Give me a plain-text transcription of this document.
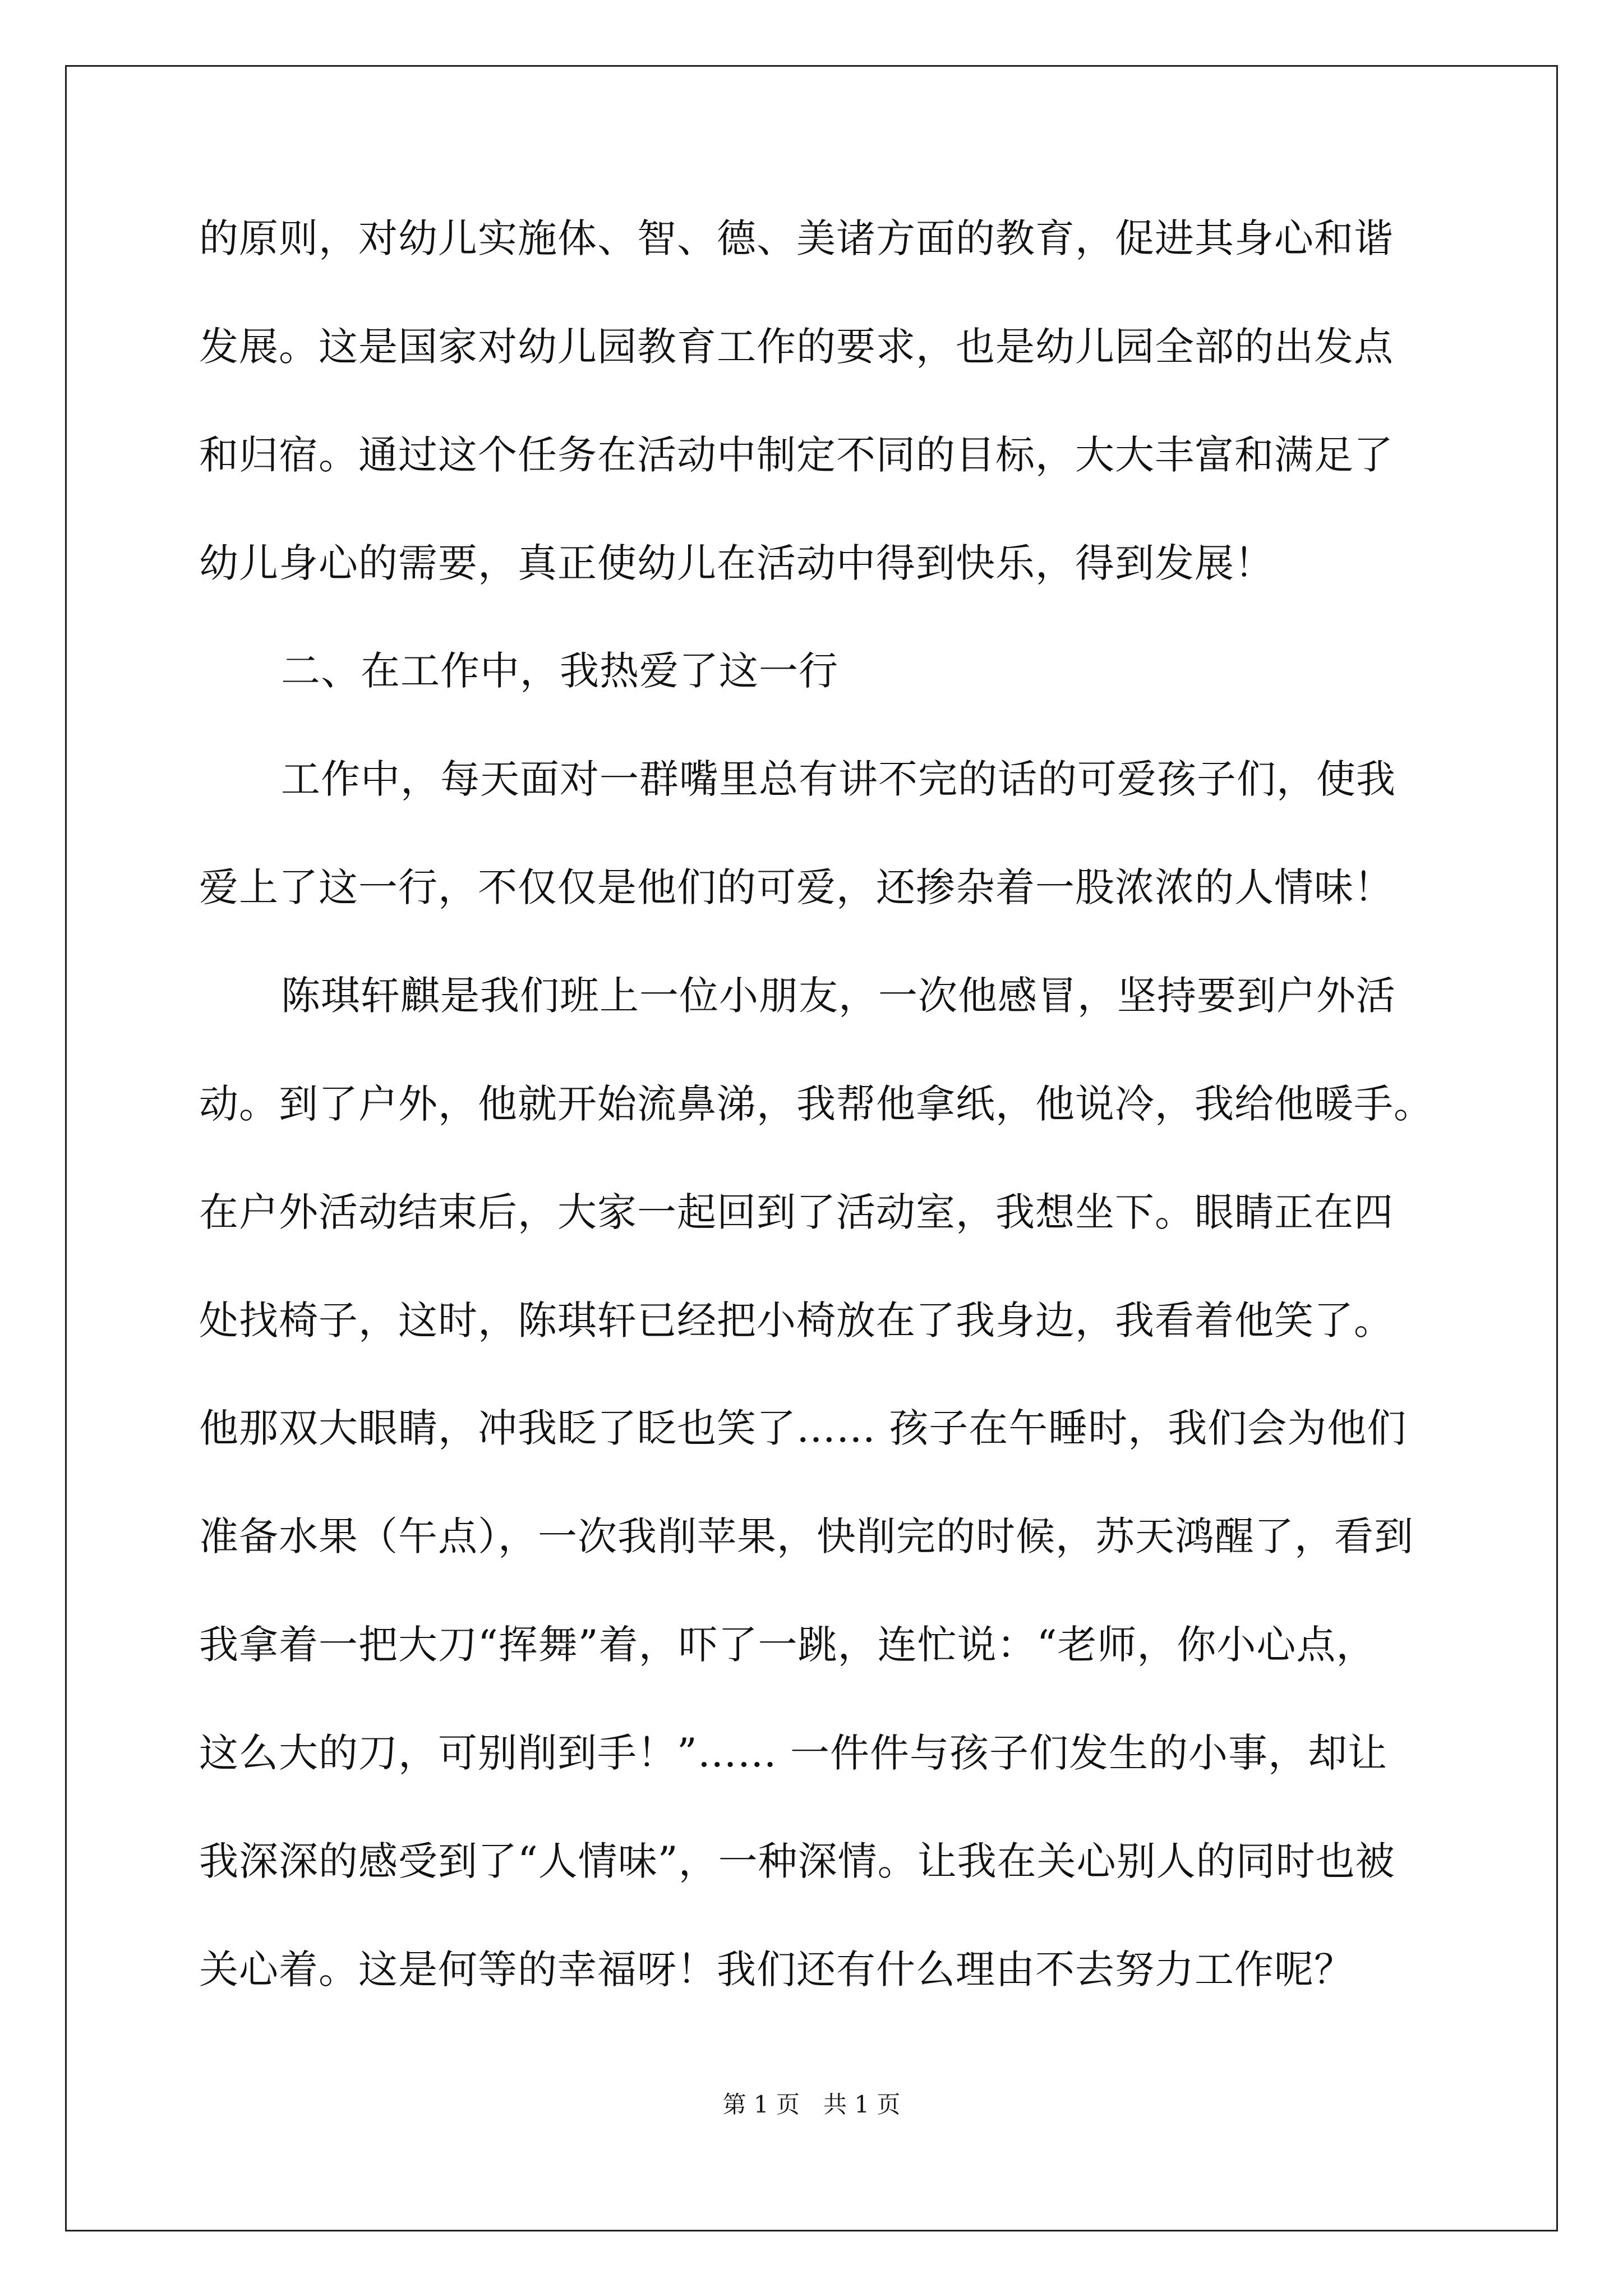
的原则，对幼儿实施体、智、德、美诸方面的教育，促进其身心和谐
发展。这是国家对幼儿园教育工作的要求，也是幼儿园全部的出发点
和归宿。通过这个任务在活动中制定不同的目标，大大丰富和满足了
幼儿身心的需要，真正使幼儿在活动中得到快乐，得到发展！
二、在工作中，我热爱了这一行
工作中，每天面对一群嘴里总有讲不完的话的可爱孩子们，使我
爱上了这一行，不仅仅是他们的可爱，还掺杂着一股浓浓的人情味！
陈琪轩麒是我们班上一位小朋友，一次他感冒，坚持要到户外活
动。到了户外，他就开始流鼻涕，我帮他拿纸，他说冷，我给他暖手。
在户外活动结束后，大家一起回到了活动室，我想坐下。眼睛正在四
处找椅子，这时，陈琪轩已经把小椅放在了我身边，我看着他笑了。
他那双大眼睛，冲我眨了眨也笑了…… 孩子在午睡时，我们会为他们
准备水果（午点），一次我削苹果，快削完的时候，苏天鸿醒了，看到
我拿着一把大刀“挥舞”着，吓了一跳，连忙说：“老师，你小心点，
这么大的刀，可别削到手！”…… 一件件与孩子们发生的小事，却让
我深深的感受到了“人情味”，一种深情。让我在关心别人的同时也被
关心着。这是何等的幸福呀！我们还有什么理由不去努力工作呢？
第 1 页　共 1 页
